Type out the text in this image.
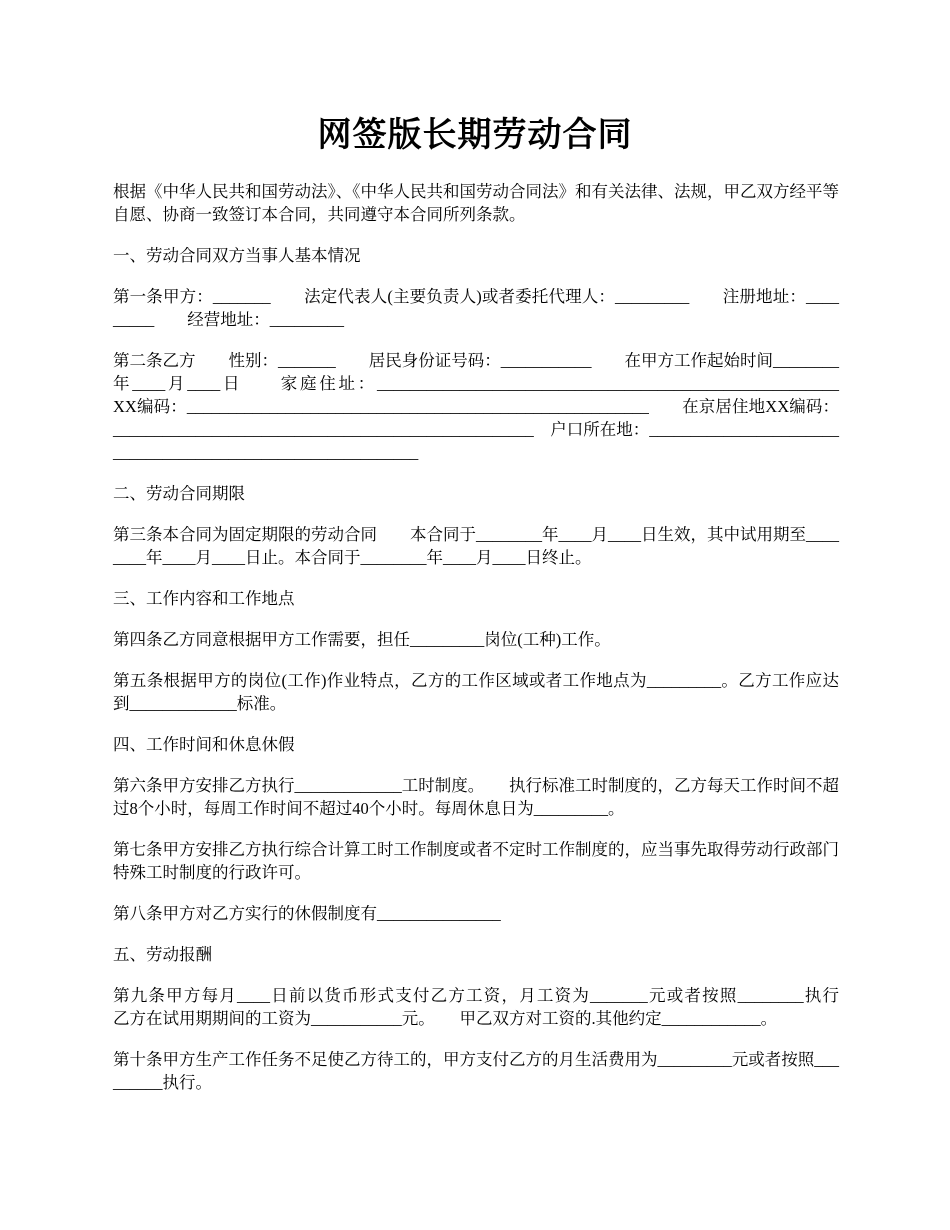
网签版长期劳动合同

根据《中华人民共和国劳动法》、《中华人民共和国劳动合同法》和有关法律、法规，甲乙双方经平等自愿、协商一致签订本合同，共同遵守本合同所列条款。

一、劳动合同双方当事人基本情况

第一条甲方：_______　　法定代表人(主要负责人)或者委托代理人：_________　　注册地址：_________　　经营地址：_________

第二条乙方　　性别：_______　　居民身份证号码：___________　　在甲方工作起始时间________年____月____日　　家庭住址：________________________________________________________　　XX编码：________________________________________________________　　在京居住地XX编码：___________________________________________________　户口所在地：____________________________________________________________

二、劳动合同期限

第三条本合同为固定期限的劳动合同　　本合同于________年____月____日生效，其中试用期至________年____月____日止。本合同于________年____月____日终止。

三、工作内容和工作地点

第四条乙方同意根据甲方工作需要，担任_________岗位(工种)工作。

第五条根据甲方的岗位(工作)作业特点，乙方的工作区域或者工作地点为_________。乙方工作应达到_____________标准。

四、工作时间和休息休假

第六条甲方安排乙方执行_____________工时制度。　　执行标准工时制度的，乙方每天工作时间不超过8个小时，每周工作时间不超过40个小时。每周休息日为_________。

第七条甲方安排乙方执行综合计算工时工作制度或者不定时工作制度的，应当事先取得劳动行政部门特殊工时制度的行政许可。

第八条甲方对乙方实行的休假制度有_______________

五、劳动报酬

第九条甲方每月____日前以货币形式支付乙方工资，月工资为_______元或者按照________执行　　乙方在试用期期间的工资为___________元。　　甲乙双方对工资的.其他约定____________。

第十条甲方生产工作任务不足使乙方待工的，甲方支付乙方的月生活费用为_________元或者按照_________执行。
